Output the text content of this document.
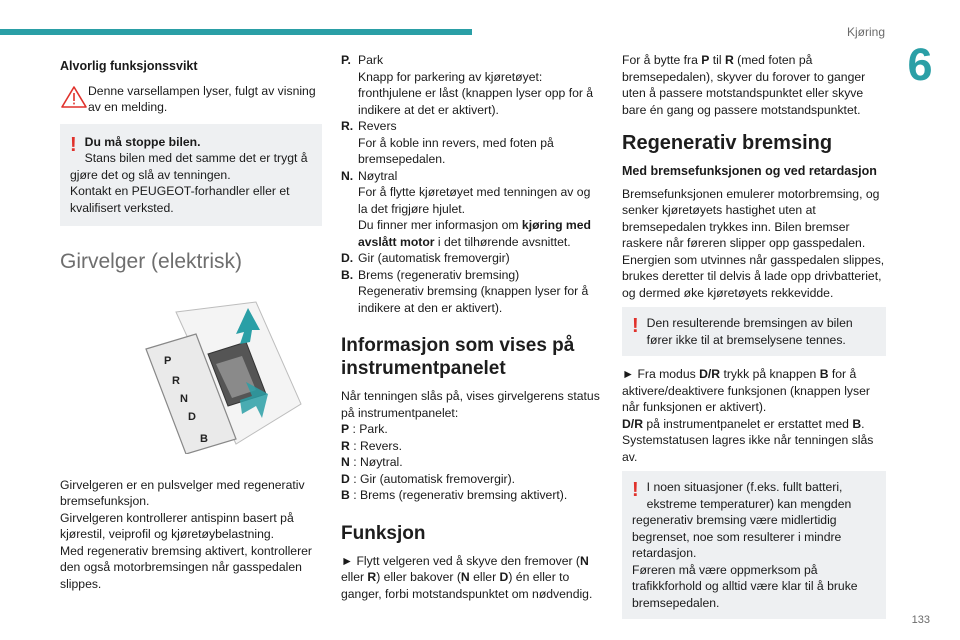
Kjøring
6
133

Alvorlig funksjonssvikt

Denne varsellampen lyser, fulgt av visning av en melding.

! Du må stoppe bilen.

Stans bilen med det samme det er trygt å gjøre det og slå av tenningen.

Kontakt en PEUGEOT-forhandler eller et kvalifisert verksted.

Girvelger (elektrisk)

P
R
N
D
B

Girvelgeren er en pulsvelger med regenerativ bremsefunksjon.

Girvelgeren kontrollerer antispinn basert på kjørestil, veiprofil og kjøretøybelastning.

Med regenerativ bremsing aktivert, kontrollerer den også motorbremsingen når gasspedalen slippes.

P. Park

Knapp for parkering av kjøretøyet: fronthjulene er låst (knappen lyser opp for å indikere at det er aktivert).

R. Revers

For å koble inn revers, med foten på bremsepedalen.

N. Nøytral

For å flytte kjøretøyet med tenningen av og la det frigjøre hjulet.

Du finner mer informasjon om kjøring med avslått motor i det tilhørende avsnittet.

D. Gir (automatisk fremovergir)

B. Brems (regenerativ bremsing)

Regenerativ bremsing (knappen lyser for å indikere at den er aktivert).

Informasjon som vises på instrumentpanelet

Når tenningen slås på, vises girvelgerens status på instrumentpanelet:

P : Park.

R : Revers.

N : Nøytral.

D : Gir (automatisk fremovergir).

B : Brems (regenerativ bremsing aktivert).

Funksjon

► Flytt velgeren ved å skyve den fremover (N eller R) eller bakover (N eller D) én eller to ganger, forbi motstandspunktet om nødvendig.

For å bytte fra P til R (med foten på bremsepedalen), skyver du forover to ganger uten å passere motstandspunktet eller skyve bare én gang og passere motstandspunktet.

Regenerativ bremsing

Med bremsefunksjonen og ved retardasjon

Bremsefunksjonen emulerer motorbremsing, og senker kjøretøyets hastighet uten at bremsepedalen trykkes inn. Bilen bremser raskere når føreren slipper opp gasspedalen. Energien som utvinnes når gasspedalen slippes, brukes deretter til delvis å lade opp drivbatteriet, og dermed øke kjøretøyets rekkevidde.

! Den resulterende bremsingen av bilen fører ikke til at bremselysene tennes.

► Fra modus D/R trykk på knappen B for å aktivere/deaktivere funksjonen (knappen lyser når funksjonen er aktivert).

D/R på instrumentpanelet er erstattet med B.

Systemstatusen lagres ikke når tenningen slås av.

! I noen situasjoner (f.eks. fullt batteri, ekstreme temperaturer) kan mengden regenerativ bremsing være midlertidig begrenset, noe som resulterer i mindre retardasjon.

Føreren må være oppmerksom på trafikkforhold og alltid være klar til å bruke bremsepedalen.
